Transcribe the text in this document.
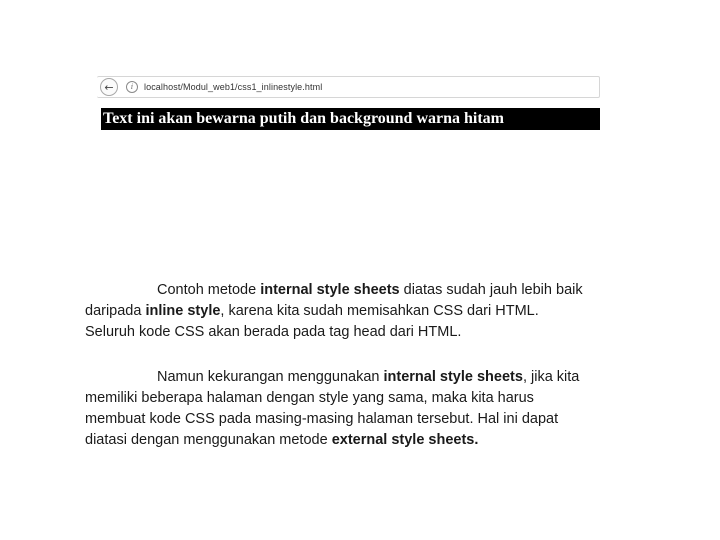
←	i	localhost/Modul_web1/css1_inlinestyle.html
Text ini akan bewarna putih dan background warna hitam
Contoh metode internal style sheets diatas sudah jauh lebih baik
daripada inline style, karena kita sudah memisahkan CSS dari HTML.
Seluruh kode CSS akan berada pada tag head dari HTML.
Namun kekurangan menggunakan internal style sheets, jika kita
memiliki beberapa halaman dengan style yang sama, maka kita harus
membuat kode CSS pada masing-masing halaman tersebut. Hal ini dapat
diatasi dengan menggunakan metode external style sheets.
